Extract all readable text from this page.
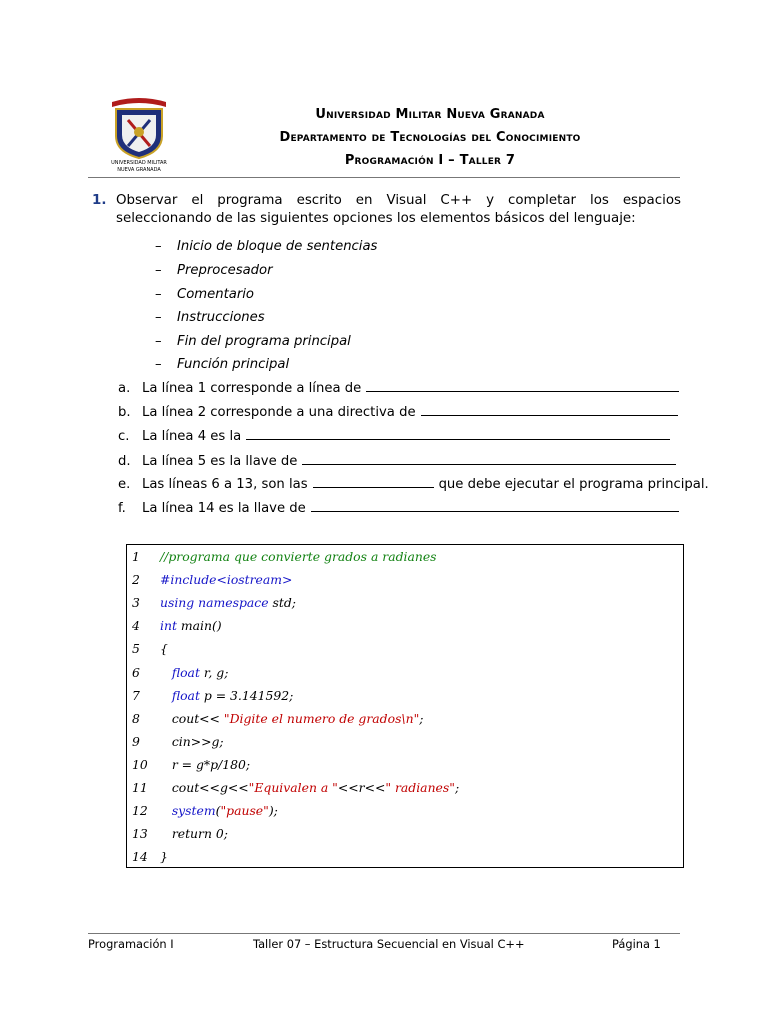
UNIVERSIDAD MILITAR
NUEVA GRANADA
Universidad Militar Nueva Granada
Departamento de Tecnologías del Conocimiento
Programación I – Taller 7
1. Observar el programa escrito en Visual C++ y completar los espacios seleccionando de las siguientes opciones los elementos básicos del lenguaje:
– Inicio de bloque de sentencias
– Preprocesador
– Comentario
– Instrucciones
– Fin del programa principal
– Función principal
a. La línea 1 corresponde a línea de
b. La línea 2 corresponde a una directiva de
c. La línea 4 es la
d. La línea 5 es la llave de
e. Las líneas 6 a 13, son las	que debe ejecutar el programa principal.
f. La línea 14 es la llave de
1	//programa que convierte grados a radianes
2	#include<iostream>
3	using namespace std;
4	int main()
5	{
6	float r, g;
7	float p = 3.141592;
8	cout<< "Digite el numero de grados\n";
9	cin>>g;
10 r = g*p/180;
11 cout<<g<<"Equivalen a "<<r<<" radianes";
12	system("pause");
13 return 0;
14 }
Programación I	Taller 07 – Estructura Secuencial en Visual C++	Página 1
